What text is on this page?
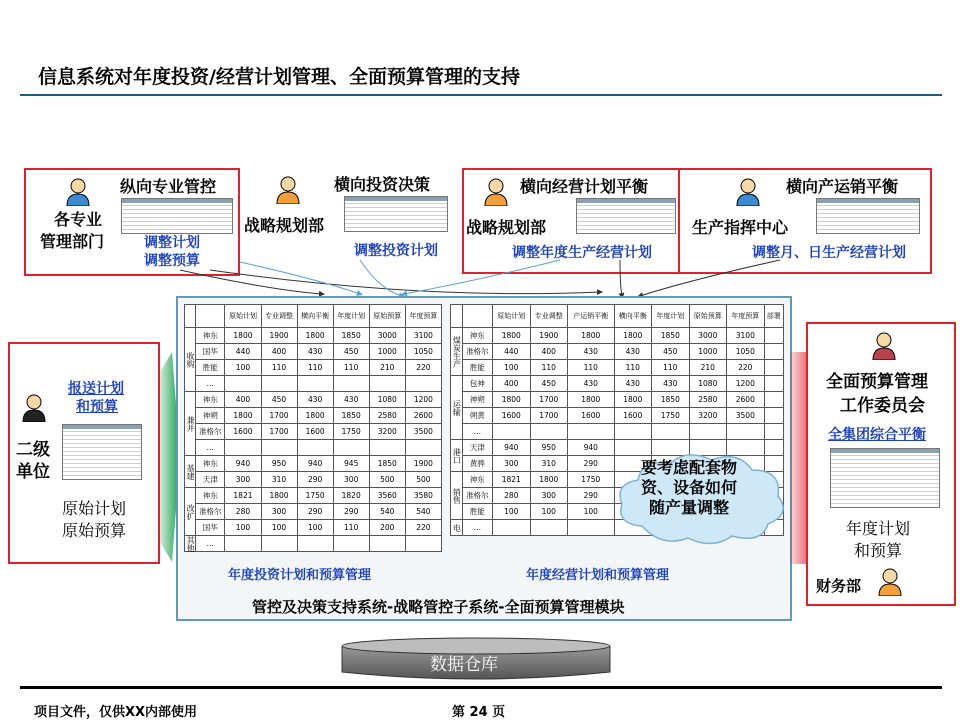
信息系统对年度投资/经营计划管理、全面预算管理的支持
纵向专业管控
各专业
管理部门	调整计划
调整预算
横向投资决策
战略规划部
调整投资计划
横向经营计划平衡
战略规划部
调整年度生产经营计划
横向产运销平衡
生产指挥中心
调整月、日生产经营计划
报送计划
和预算
二级
单位
原始计划
原始预算
		原始计划	专业调整	横向平衡	年度计划	原始预算	年度预算
收购	神东	1800	1900	1800	1850	3000	3100
	国华	440	400	430	450	1000	1050
	胜能	100	110	110	110	210	220
	…						
兼并	神东	400	450	430	430	1080	1200
	神朔	1800	1700	1800	1850	2580	2600
	准格尔	1600	1700	1600	1750	3200	3500
	…						
基建	神东	940	950	940	945	1850	1900
	天津	300	310	290	300	500	500
改扩	神东	1821	1800	1750	1820	3560	3580
	准格尔	280	300	290	290	540	540
	国华	100	100	100	110	200	220
其他	…						
年度投资计划和预算管理
		原始计划	专业调整	产运销平衡	横向平衡	年度计划	原始预算	年度预算	部署
煤炭生产	神东	1800	1900	1800	1800	1850	3000	3100	
	准格尔	440	400	430	430	450	1000	1050	
	胜能	100	110	110	110	110	210	220	
运输	包神	400	450	430	430	430	1080	1200	
	神朔	1800	1700	1800	1800	1850	2580	2600	
	朔黄	1600	1700	1600	1600	1750	3200	3500	
	…								
港口	天津	940	950	940					
	黄骅	300	310	290					
销售	神东	1821	1800	1750					
	准格尔	280	300	290					
	胜能	100	100	100					
电	…								
年度经营计划和预算管理
管控及决策支持系统-战略管控子系统-全面预算管理模块
要考虑配套物
资、设备如何
随产量调整
全面预算管理
工作委员会
全集团综合平衡
年度计划
和预算
财务部
数据仓库
项目文件，仅供XX内部使用	第 24 页
